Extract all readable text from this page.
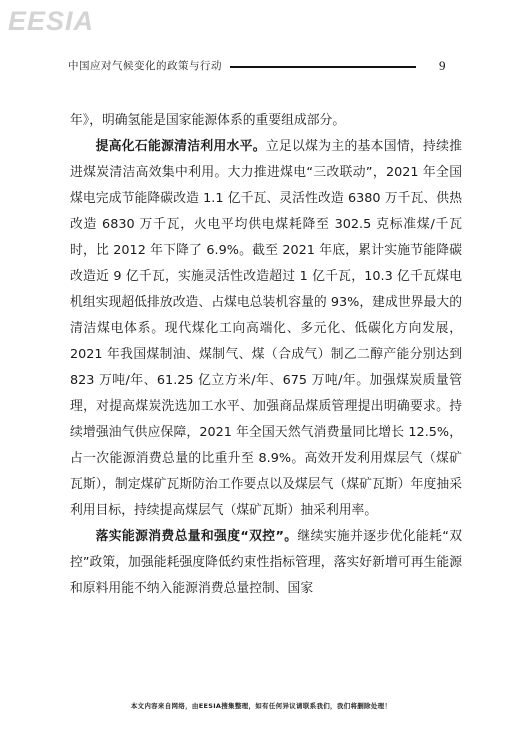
EESIA
中国应对气候变化的政策与行动	9

年》，明确氢能是国家能源体系的重要组成部分。

提高化石能源清洁利用水平。立足以煤为主的基本国情，持续推进煤炭清洁高效集中利用。大力推进煤电“三改联动”，2021 年全国煤电完成节能降碳改造 1.1 亿千瓦、灵活性改造 6380 万千瓦、供热改造 6830 万千瓦，火电平均供电煤耗降至 302.5 克标准煤/千瓦时，比 2012 年下降了 6.9%。截至 2021 年底，累计实施节能降碳改造近 9 亿千瓦，实施灵活性改造超过 1 亿千瓦，10.3 亿千瓦煤电机组实现超低排放改造、占煤电总装机容量的 93%，建成世界最大的清洁煤电体系。现代煤化工向高端化、多元化、低碳化方向发展，2021 年我国煤制油、煤制气、煤（合成气）制乙二醇产能分别达到 823 万吨/年、61.25 亿立方米/年、675 万吨/年。加强煤炭质量管理，对提高煤炭洗选加工水平、加强商品煤质管理提出明确要求。持续增强油气供应保障，2021 年全国天然气消费量同比增长 12.5%，占一次能源消费总量的比重升至 8.9%。高效开发利用煤层气（煤矿瓦斯），制定煤矿瓦斯防治工作要点以及煤层气（煤矿瓦斯）年度抽采利用目标，持续提高煤层气（煤矿瓦斯）抽采利用率。

落实能源消费总量和强度“双控”。继续实施并逐步优化能耗“双控”政策，加强能耗强度降低约束性指标管理，落实好新增可再生能源和原料用能不纳入能源消费总量控制、国家

本文内容来自网络，由EESIA搜集整理，如有任何异议请联系我们，我们将删除处理！
